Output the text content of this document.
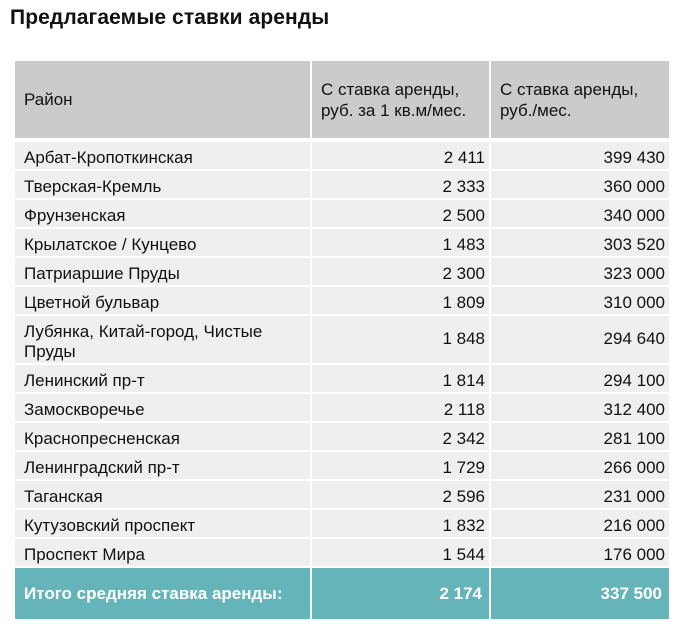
Предлагаемые ставки аренды
Район	С ставка аренды, руб. за 1 кв.м/мес.	С ставка аренды, руб./мес.
Арбат-Кропоткинская	2 411	399 430
Тверская-Кремль	2 333	360 000
Фрунзенская	2 500	340 000
Крылатское / Кунцево	1 483	303 520
Патриаршие Пруды	2 300	323 000
Цветной бульвар	1 809	310 000
Лубянка, Китай-город, Чистые Пруды	1 848	294 640
Ленинский пр-т	1 814	294 100
Замоскворечье	2 118	312 400
Краснопресненская	2 342	281 100
Ленинградский пр-т	1 729	266 000
Таганская	2 596	231 000
Кутузовский проспект	1 832	216 000
Проспект Мира	1 544	176 000
Итого средняя ставка аренды:	2 174	337 500
